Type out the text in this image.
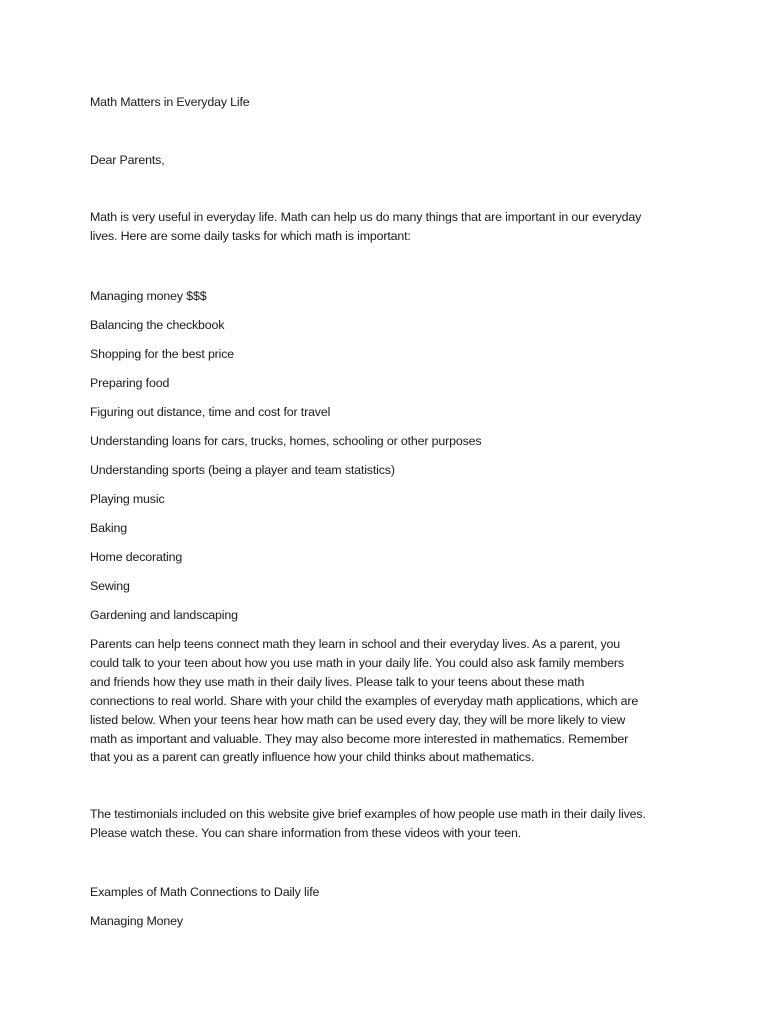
Math Matters in Everyday Life
Dear Parents,
Math is very useful in everyday life. Math can help us do many things that are important in our everyday
lives. Here are some daily tasks for which math is important:
Managing money $$$
Balancing the checkbook
Shopping for the best price
Preparing food
Figuring out distance, time and cost for travel
Understanding loans for cars, trucks, homes, schooling or other purposes
Understanding sports (being a player and team statistics)
Playing music
Baking
Home decorating
Sewing
Gardening and landscaping
Parents can help teens connect math they learn in school and their everyday lives. As a parent, you
could talk to your teen about how you use math in your daily life. You could also ask family members
and friends how they use math in their daily lives. Please talk to your teens about these math
connections to real world. Share with your child the examples of everyday math applications, which are
listed below. When your teens hear how math can be used every day, they will be more likely to view
math as important and valuable. They may also become more interested in mathematics. Remember
that you as a parent can greatly influence how your child thinks about mathematics.
The testimonials included on this website give brief examples of how people use math in their daily lives.
Please watch these. You can share information from these videos with your teen.
Examples of Math Connections to Daily life
Managing Money
